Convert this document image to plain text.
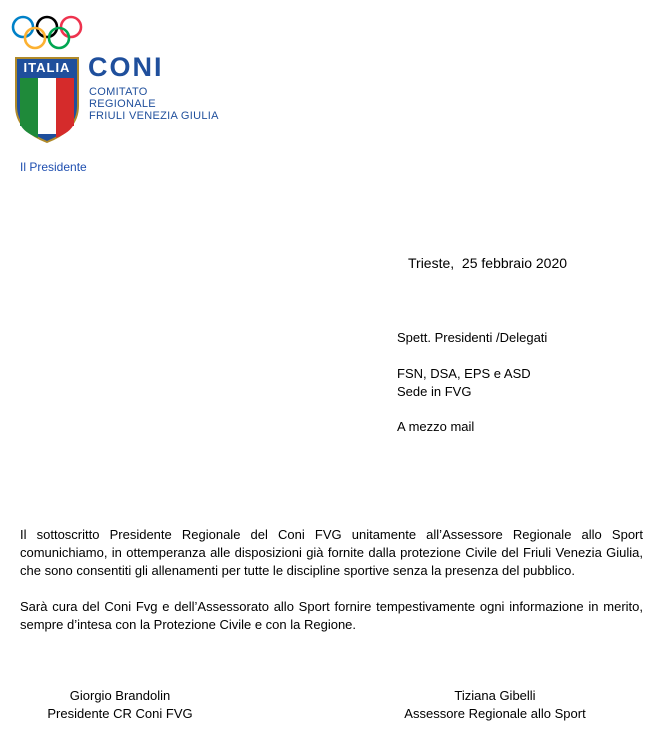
ITALIA CONI
COMITATO
REGIONALE
FRIULI VENEZIA GIULIA
Il Presidente
Trieste,  25 febbraio 2020
Spett. Presidenti /Delegati
FSN, DSA, EPS e ASD
Sede in FVG
A mezzo mail
Il sottoscritto Presidente Regionale del Coni FVG unitamente all’Assessore Regionale allo Sport comunichiamo, in ottemperanza alle disposizioni già fornite dalla protezione Civile del Friuli Venezia Giulia, che sono consentiti gli allenamenti per tutte le discipline sportive senza la presenza del pubblico.
Sarà cura del Coni Fvg e dell’Assessorato allo Sport fornire tempestivamente ogni informazione in merito, sempre d’intesa con la Protezione Civile e con la Regione.
Giorgio Brandolin
Presidente CR Coni FVG
Tiziana Gibelli
Assessore Regionale allo Sport
